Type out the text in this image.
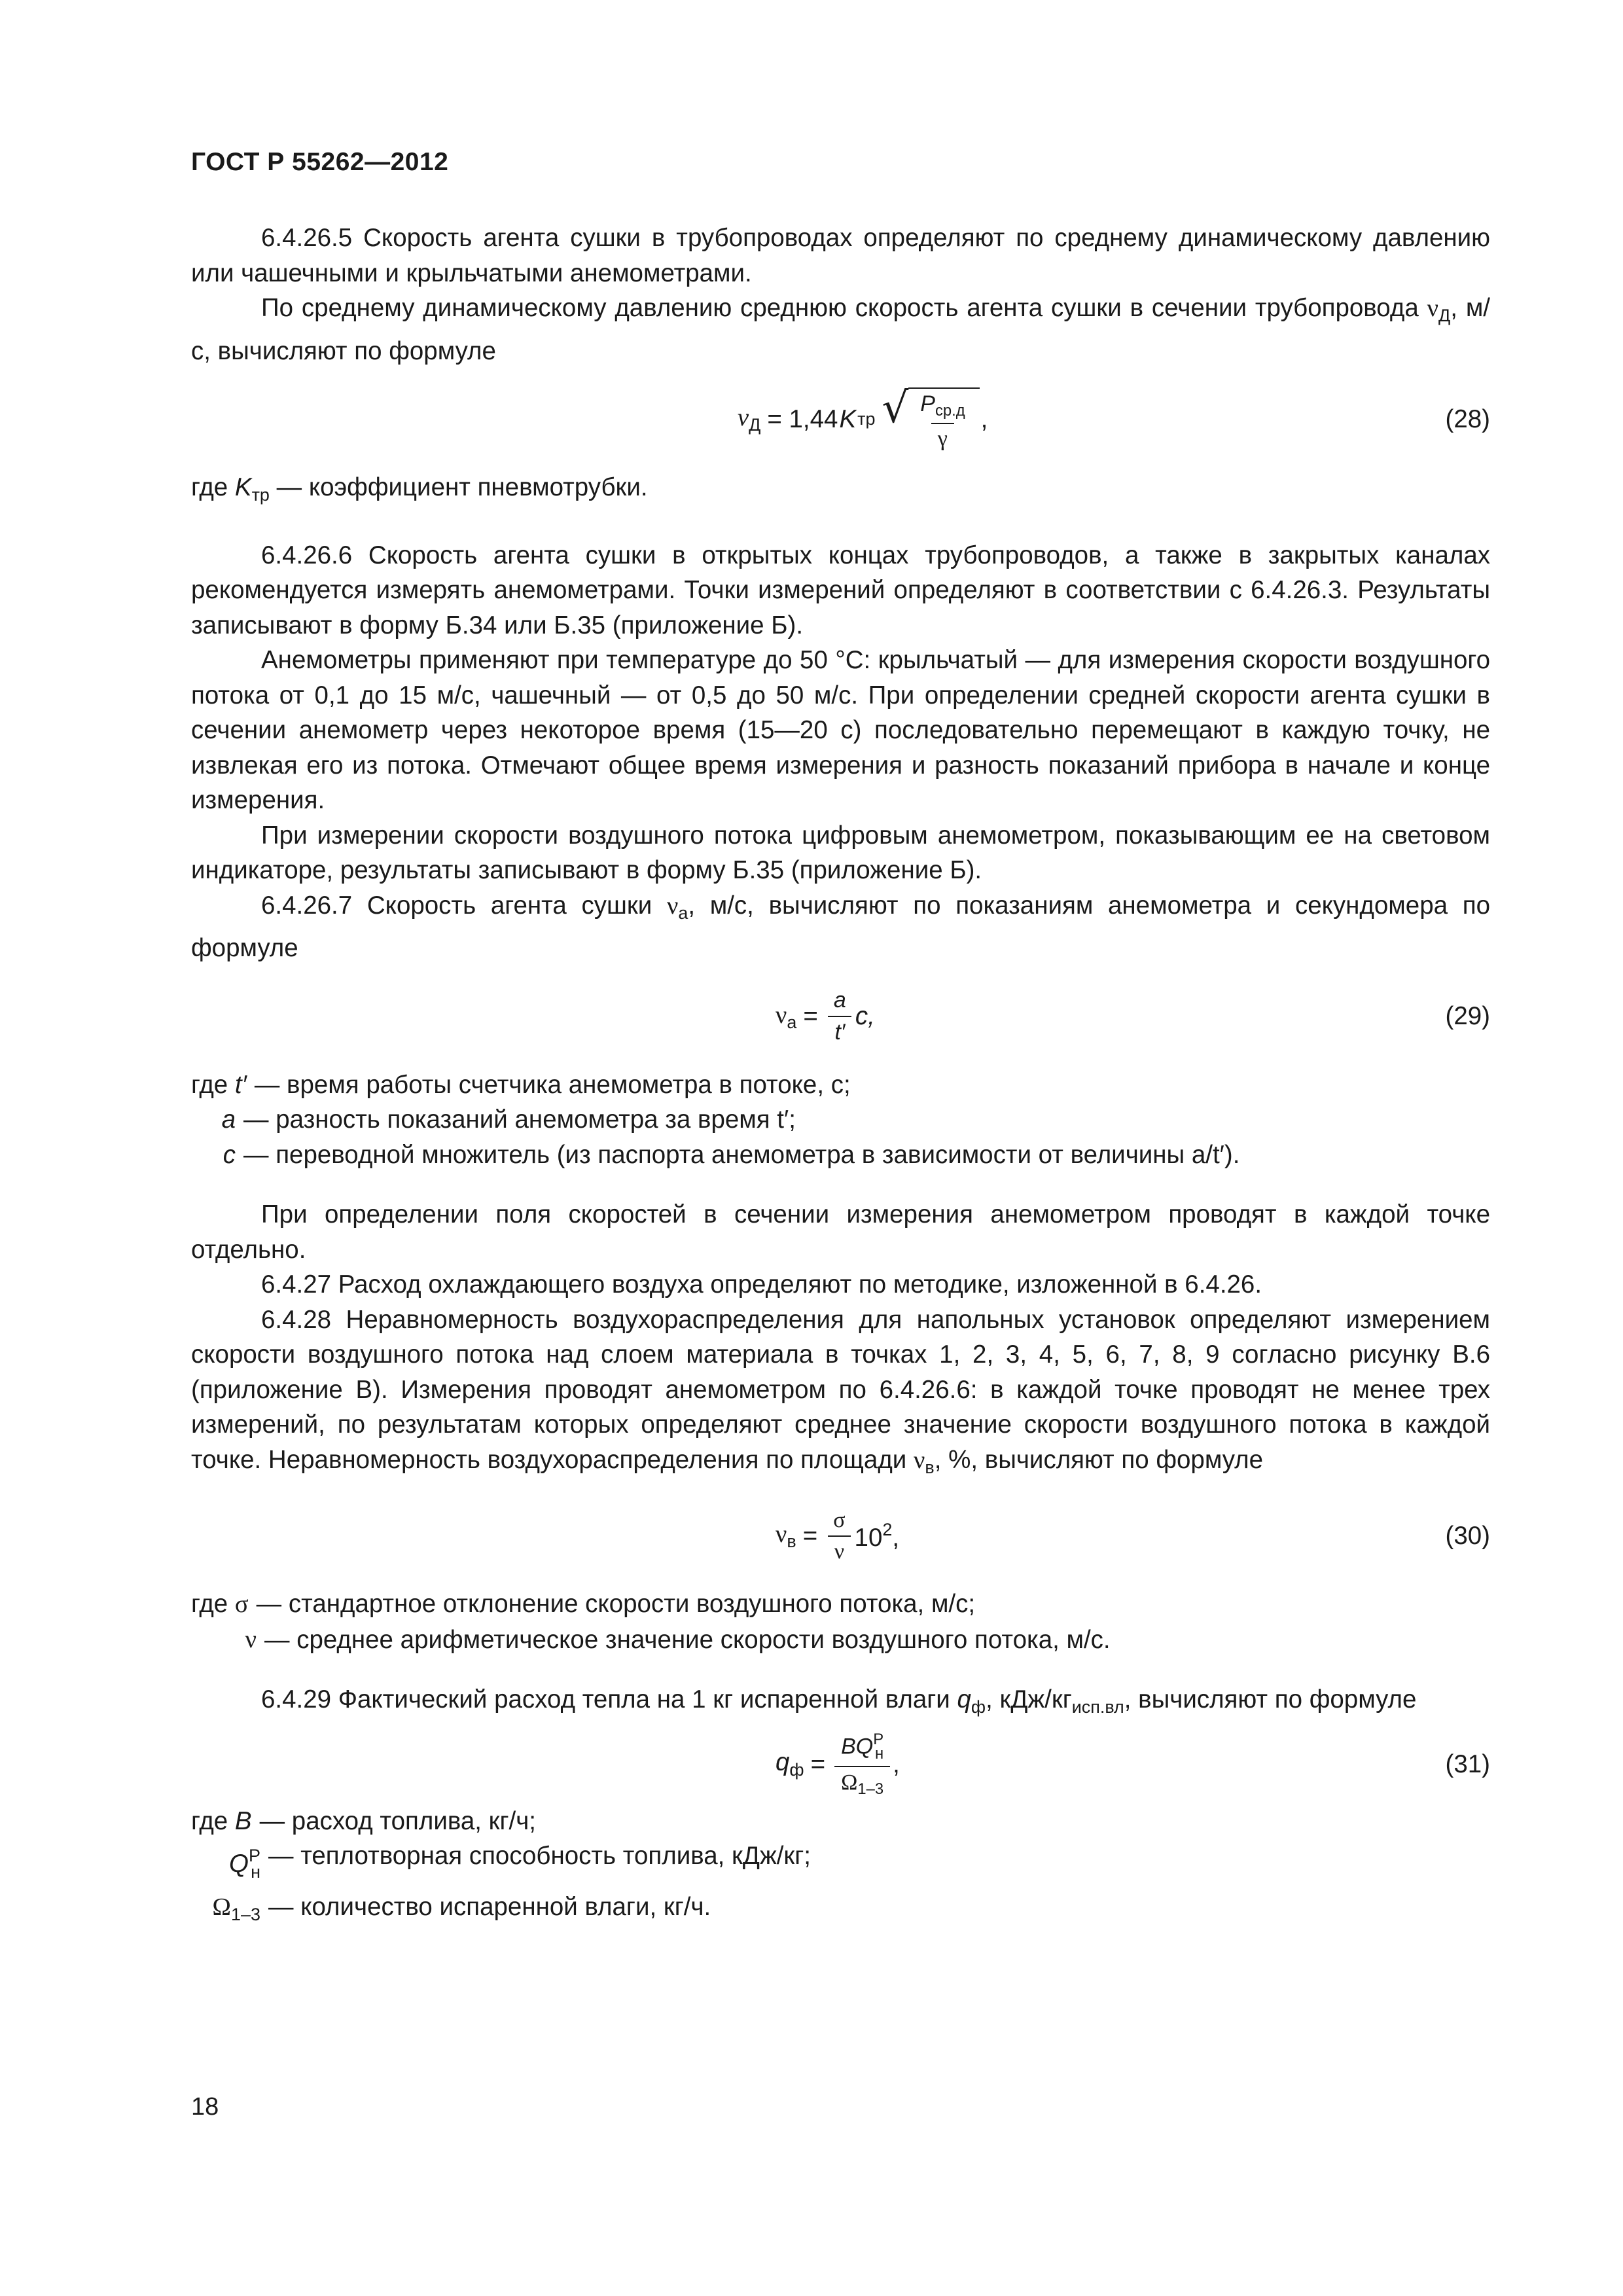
ГОСТ Р 55262—2012

6.4.26.5 Скорость агента сушки в трубопроводах определяют по среднему динамическому давлению или чашечными и крыльчатыми анемометрами.

По среднему динамическому давлению среднюю скорость агента сушки в сечении трубопровода $\nu_Д$, м/с, вычисляют по формуле

$\nu_Д = 1,44$ K тр √ $\frac{P_{ср.д}}{\gamma}$ ,	(28)

где $K_{тр}$ — коэффициент пневмотрубки.

6.4.26.6 Скорость агента сушки в открытых концах трубопроводов, а также в закрытых каналах рекомендуется измерять анемометрами. Точки измерений определяют в соответствии с 6.4.26.3. Результаты записывают в форму Б.34 или Б.35 (приложение Б).

Анемометры применяют при температуре до 50 °С: крыльчатый — для измерения скорости воздушного потока от 0,1 до 15 м/с, чашечный — от 0,5 до 50 м/с. При определении средней скорости агента сушки в сечении анемометр через некоторое время (15—20 с) последовательно перемещают в каждую точку, не извлекая его из потока. Отмечают общее время измерения и разность показаний прибора в начале и конце измерения.

При измерении скорости воздушного потока цифровым анемометром, показывающим ее на световом индикаторе, результаты записывают в форму Б.35 (приложение Б).

6.4.26.7 Скорость агента сушки $\nu_а$, м/с, вычисляют по показаниям анемометра и секундомера по формуле

$\nu_а = \frac{a}{t'} c$,	(29)
где t′ — время работы счетчика анемометра в потоке, с;
a — разность показаний анемометра за время t′;
c — переводной множитель (из паспорта анемометра в зависимости от величины a/t′).

При определении поля скоростей в сечении измерения анемометром проводят в каждой точке отдельно.

6.4.27 Расход охлаждающего воздуха определяют по методике, изложенной в 6.4.26.

6.4.28 Неравномерность воздухораспределения для напольных установок определяют измерением скорости воздушного потока над слоем материала в точках 1, 2, 3, 4, 5, 6, 7, 8, 9 согласно рисунку В.6 (приложение В). Измерения проводят анемометром по 6.4.26.6: в каждой точке проводят не менее трех измерений, по результатам которых определяют среднее значение скорости воздушного потока в каждой точке. Неравномерность воздухораспределения по площади $\nu_в$, %, вычисляют по формуле

$\nu_в = \frac{\sigma}{\nu} 10^2$,	(30)
где σ — стандартное отклонение скорости воздушного потока, м/с;
ν — среднее арифметическое значение скорости воздушного потока, м/с.

6.4.29 Фактический расход тепла на 1 кг испаренной влаги $q_ф$, кДж/$кг_{исп.вл}$, вычисляют по формуле

$q_ф = \frac{BQ^Р_н}{\Omega_{1-3}}$ ,	(31)
где B — расход топлива, кг/ч;
$Q^Р_н$
— теплотворная способность топлива, кДж/кг;
$\Omega_{1-3}$ — количество испаренной влаги, кг/ч.
18
